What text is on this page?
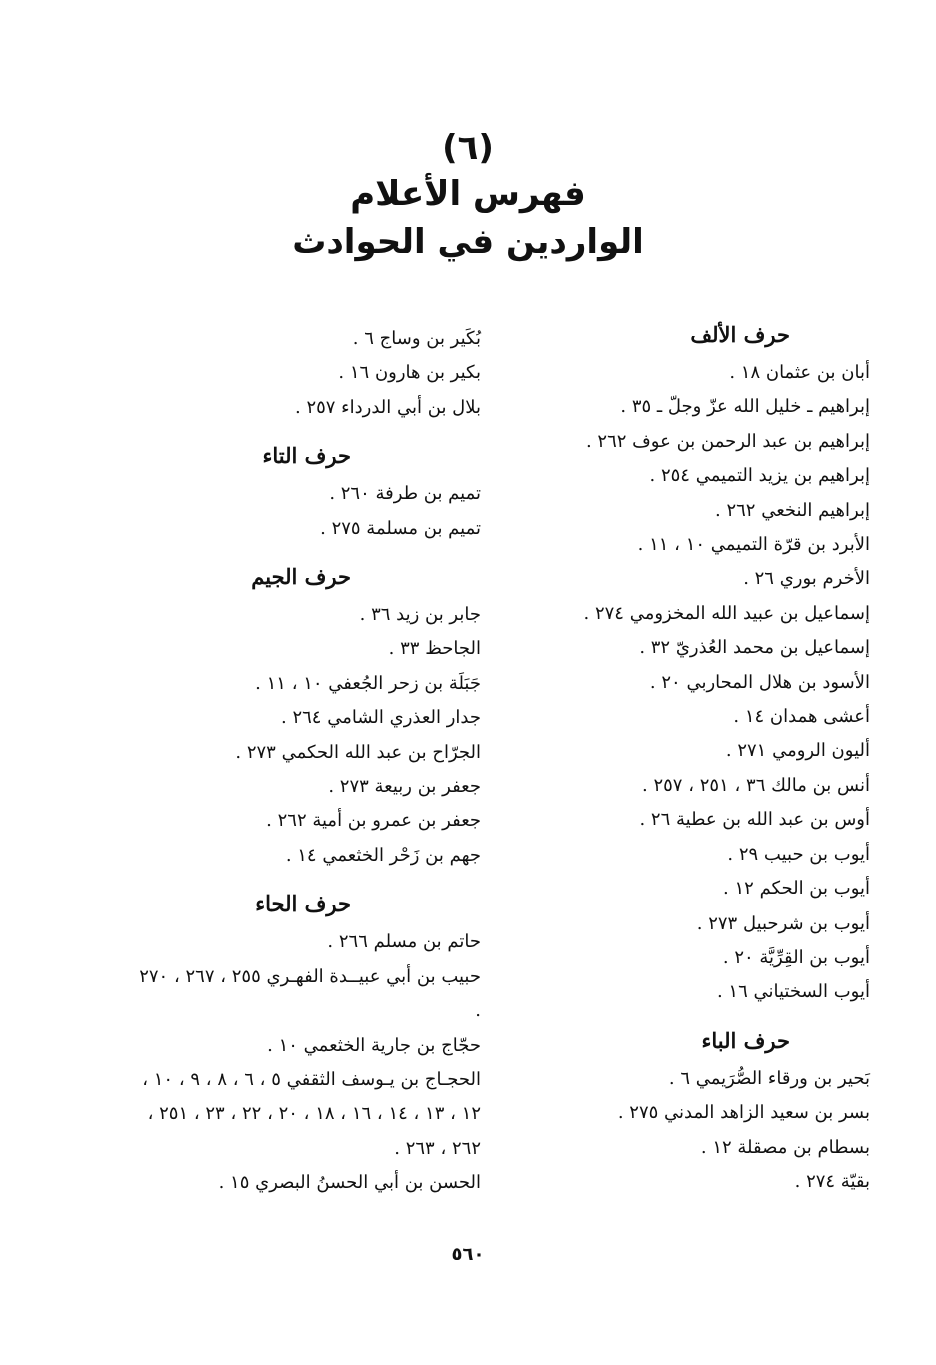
(٦)
فهرس الأعلام
الواردين في الحوادث
حرف الألف
أبان بن عثمان ١٨ .
إبراهيم ـ خليل الله عزّ وجلّ ـ ٣٥ .
إبراهيم بن عبد الرحمن بن عوف ٢٦٢ .
إبراهيم بن يزيد التميمي ٢٥٤ .
إبراهيم النخعي ٢٦٢ .
الأبرد بن قرّة التميمي ١٠ ، ١١ .
الأخرم بوري ٢٦ .
إسماعيل بن عبيد الله المخزومي ٢٧٤ .
إسماعيل بن محمد العُذريّ ٣٢ .
الأسود بن هلال المحاربي ٢٠ .
أعشى همدان ١٤ .
أليون الرومي ٢٧١ .
أنس بن مالك ٣٦ ، ٢٥١ ، ٢٥٧ .
أوس بن عبد الله بن عطية ٢٦ .
أيوب بن حبيب ٢٩ .
أيوب بن الحكم ١٢ .
أيوب بن شرحبيل ٢٧٣ .
أيوب بن القِرِّيَّة ٢٠ .
أيوب السختياني ١٦ .
حرف الباء
بَحير بن ورقاء الصُّرَيمي ٦ .
بسر بن سعيد الزاهد المدني ٢٧٥ .
بسطام بن مصقلة ١٢ .
بقيّة ٢٧٤ .
بُكَير بن وساج ٦ .
بكير بن هارون ١٦ .
بلال بن أبي الدرداء ٢٥٧ .
حرف التاء
تميم بن طرفة ٢٦٠ .
تميم بن مسلمة ٢٧٥ .
حرف الجيم
جابر بن زيد ٣٦ .
الجاحظ ٣٣ .
جَبَلَة بن زحر الجُعفي ١٠ ، ١١ .
جدار العذري الشامي ٢٦٤ .
الجرّاح بن عبد الله الحكمي ٢٧٣ .
جعفر بن ربيعة ٢٧٣ .
جعفر بن عمرو بن أمية ٢٦٢ .
جهم بن زَحْر الخثعمي ١٤ .
حرف الحاء
حاتم بن مسلم ٢٦٦ .
حبيب بن أبي عبيــدة الفهـري ٢٥٥ ، ٢٦٧ ، ٢٧٠ .
حجّاج بن جارية الخثعمي ١٠ .
الحجـاج بن يـوسف الثقفي ٥ ، ٦ ، ٨ ، ٩ ، ١٠ ، ١٢ ، ١٣ ، ١٤ ، ١٦ ، ١٨ ، ٢٠ ، ٢٢ ، ٢٣ ، ٢٥١ ، ٢٦٢ ، ٢٦٣ .
الحسن بن أبي الحسنُ البصري ١٥ .
٥٦٠
